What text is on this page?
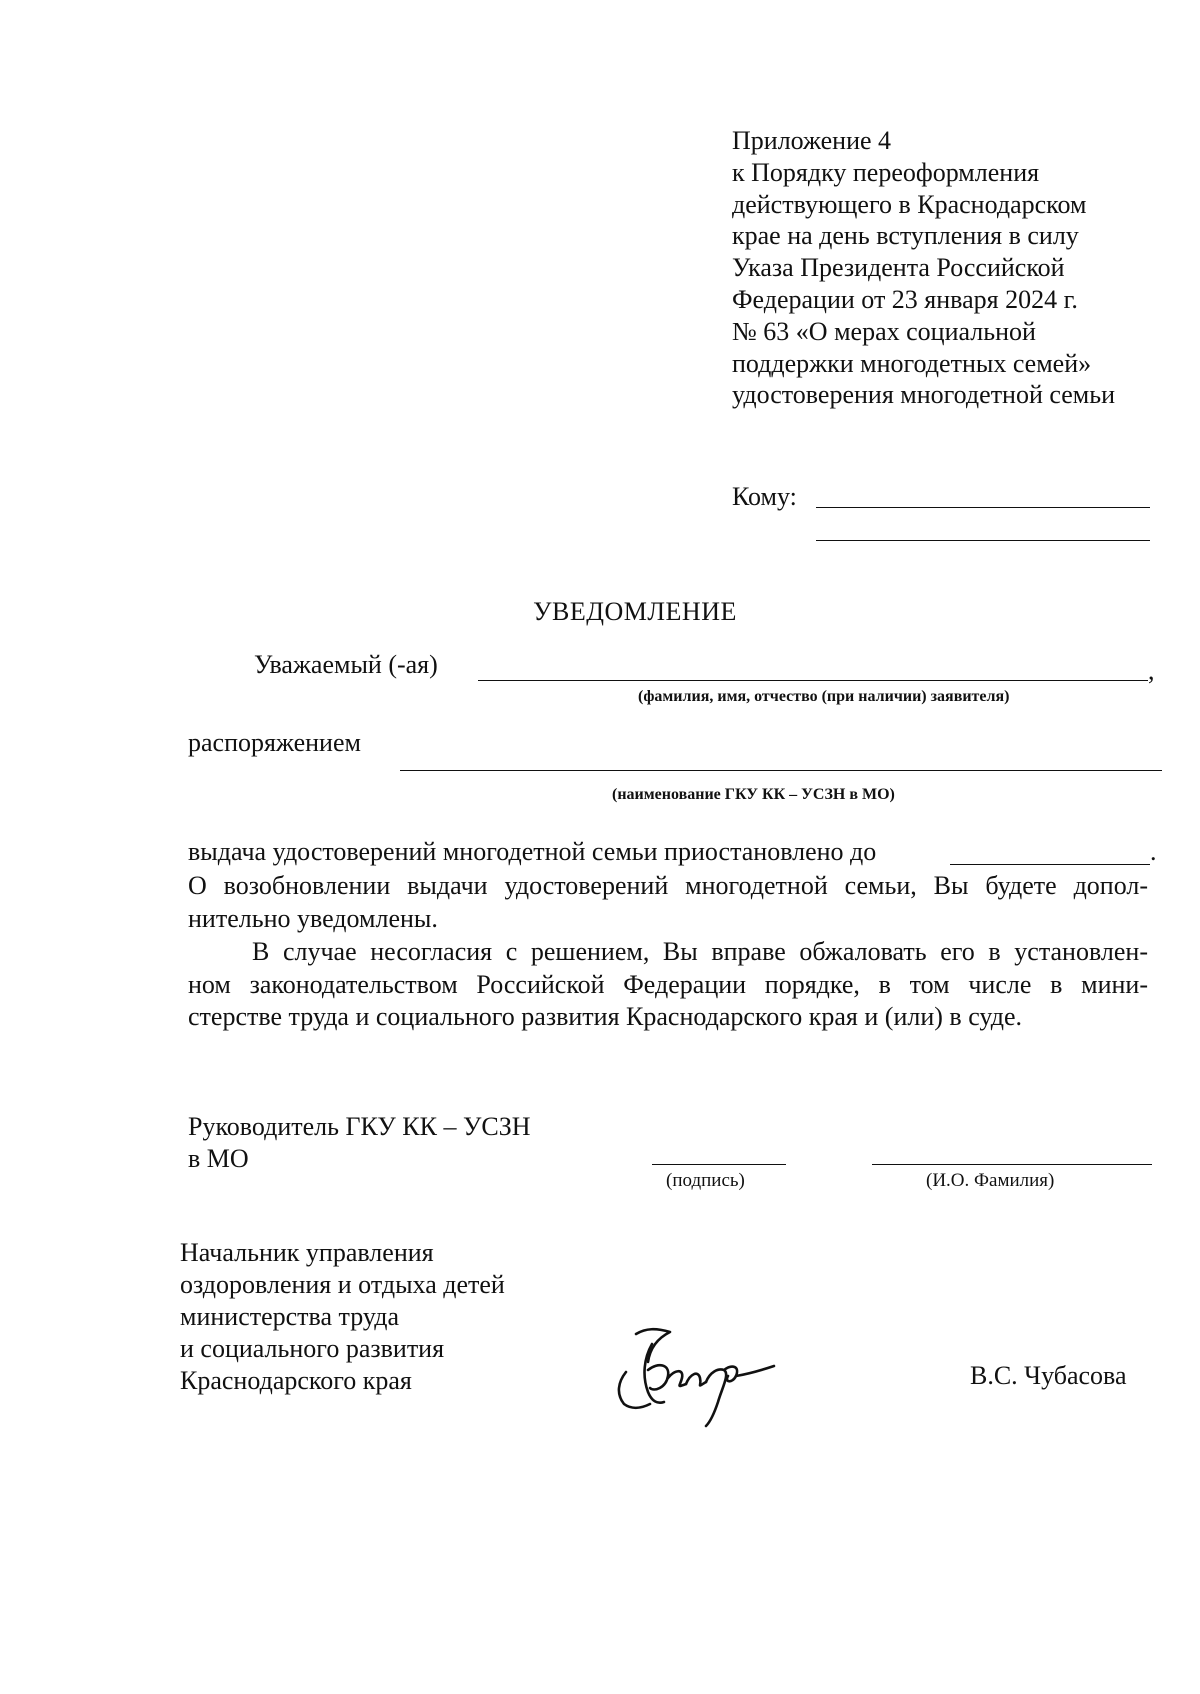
Приложение 4
к Порядку переоформления
действующего в Краснодарском
крае на день вступления в силу
Указа Президента Российской
Федерации от 23 января 2024 г.
№ 63 «О мерах социальной
поддержки многодетных семей»
удостоверения многодетной семьи
Кому:
УВЕДОМЛЕНИЕ
Уважаемый (-ая)	,
(фамилия, имя, отчество (при наличии) заявителя)
распоряжением
(наименование ГКУ КК – УСЗН в МО)
выдача удостоверений многодетной семьи приостановлено до	.
О возобновлении выдачи удостоверений многодетной семьи, Вы будете допол-
нительно уведомлены.
В случае несогласия с решением, Вы вправе обжаловать его в установлен-
ном законодательством Российской Федерации порядке, в том числе в мини-
стерстве труда и социального развития Краснодарского края и (или) в суде.
Руководитель ГКУ КК – УСЗН
в МО
(подпись)	(И.О. Фамилия)
Начальник управления
оздоровления и отдыха детей
министерства труда
и социального развития
Краснодарского края	В.С. Чубасова
